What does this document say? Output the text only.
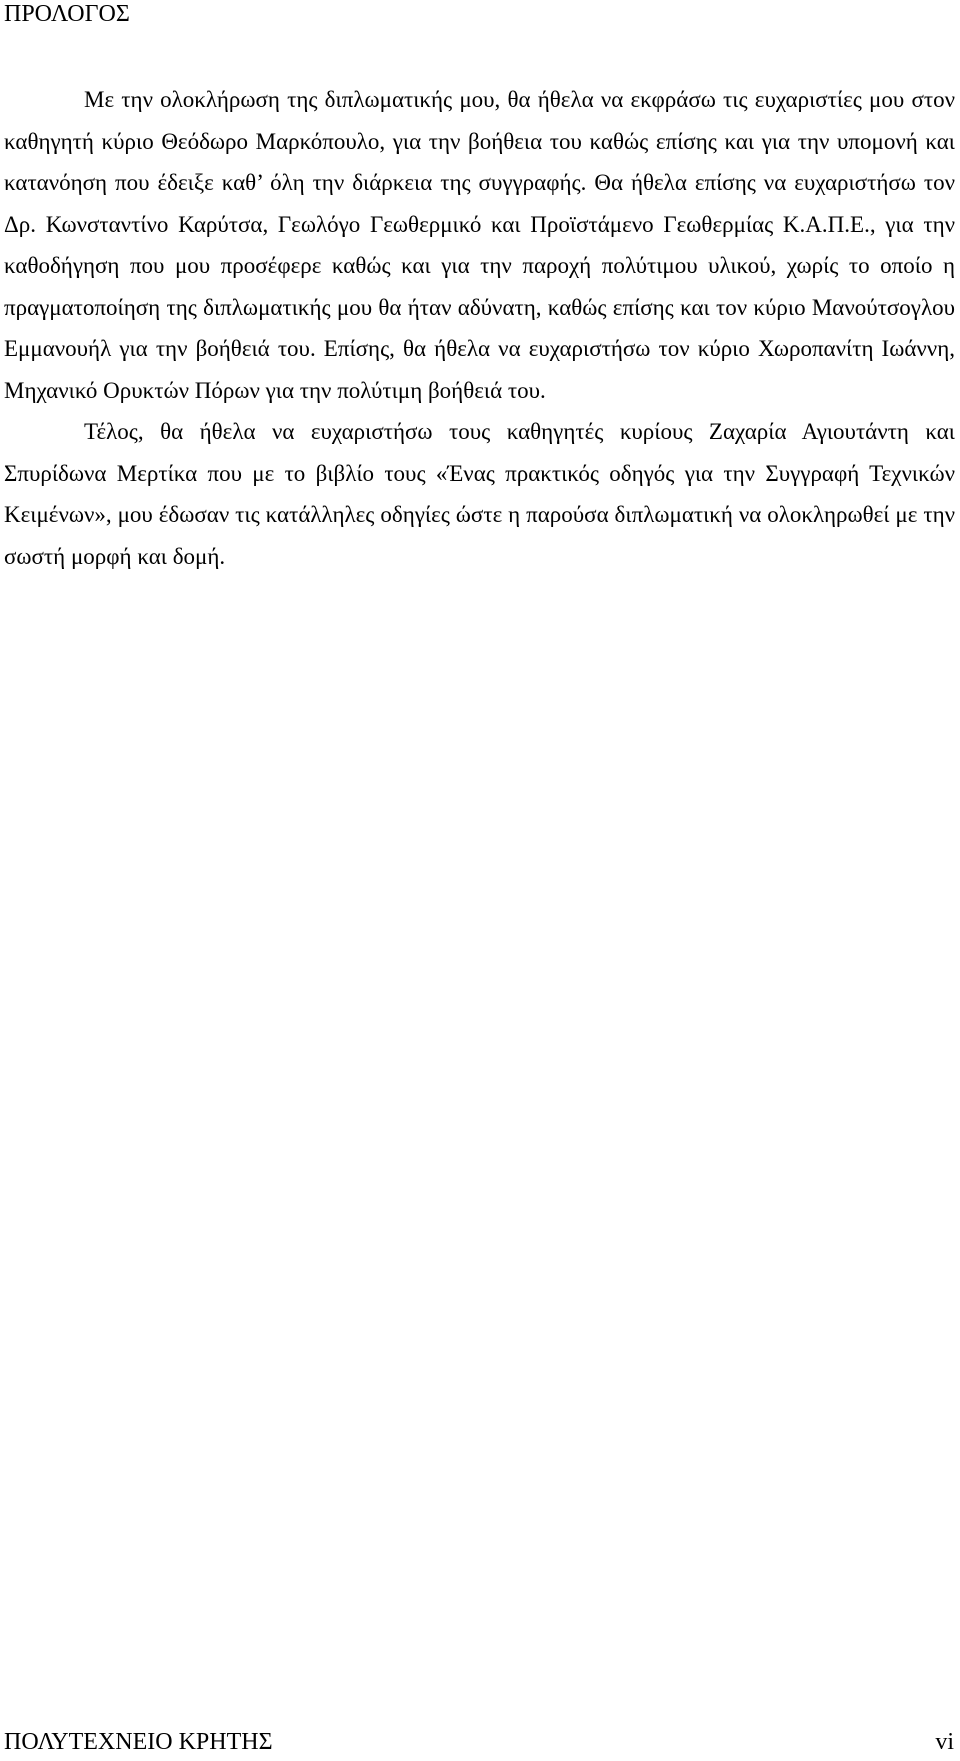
ΠΡΟΛΟΓΟΣ

Με την ολοκλήρωση της διπλωματικής μου, θα ήθελα να εκφράσω τις ευχαριστίες μου στον καθηγητή κύριο Θεόδωρο Μαρκόπουλο, για την βοήθεια του καθώς επίσης και για την υπομονή και κατανόηση που έδειξε καθ’ όλη την διάρκεια της συγγραφής. Θα ήθελα επίσης να ευχαριστήσω τον Δρ. Κωνσταντίνο Καρύτσα, Γεωλόγο Γεωθερμικό και Προϊστάμενο Γεωθερμίας Κ.Α.Π.Ε., για την καθοδήγηση που μου προσέφερε καθώς και για την παροχή πολύτιμου υλικού, χωρίς το οποίο η πραγματοποίηση της διπλωματικής μου θα ήταν αδύνατη, καθώς επίσης και τον κύριο Μανούτσογλου Εμμανουήλ για την βοήθειά του. Επίσης, θα ήθελα να ευχαριστήσω τον κύριο Χωροπανίτη Ιωάννη, Μηχανικό Ορυκτών Πόρων για την πολύτιμη βοήθειά του.

Τέλος, θα ήθελα να ευχαριστήσω τους καθηγητές κυρίους Ζαχαρία Αγιουτάντη και Σπυρίδωνα Μερτίκα που με το βιβλίο τους «Ένας πρακτικός οδηγός για την Συγγραφή Τεχνικών Κειμένων», μου έδωσαν τις κατάλληλες οδηγίες ώστε η παρούσα διπλωματική να ολοκληρωθεί με την σωστή μορφή και δομή.

ΠΟΛΥΤΕΧΝΕΙΟ ΚΡΗΤΗΣ	vi
